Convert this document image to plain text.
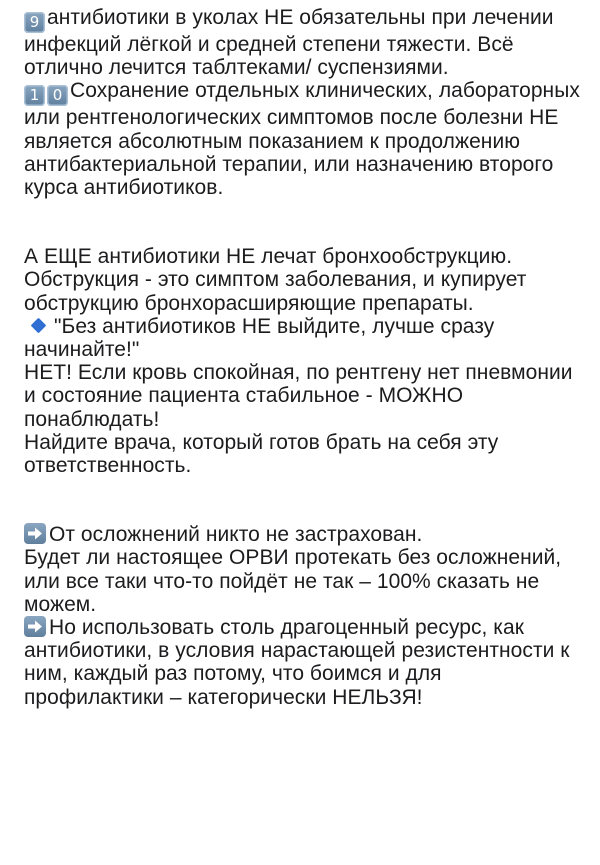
9 антибиотики в уколах НЕ обязательны при лечении инфекций лёгкой и средней степени тяжести. Всё отлично лечится таблтеками/ суспензиями.

1 0 Сохранение отдельных клинических, лабораторных или рентгенологических симптомов после болезни НЕ является абсолютным показанием к продолжению антибактериальной терапии, или назначению второго курса антибиотиков.

А ЕЩЕ антибиотики НЕ лечат бронхообструкцию. Обструкция - это симптом заболевания, и купирует обструкцию бронхорасширяющие препараты.

"Без антибиотиков НЕ выйдите, лучше сразу начинайте!"

НЕТ! Если кровь спокойная, по рентгену нет пневмонии и состояние пациента стабильное - МОЖНО понаблюдать!

Найдите врача, который готов брать на себя эту ответственность.

От осложнений никто не застрахован.

Будет ли настоящее ОРВИ протекать без осложнений, или все таки что-то пойдёт не так – 100% сказать не можем.

Но использовать столь драгоценный ресурс, как антибиотики, в условия нарастающей резистентности к ним, каждый раз потому, что боимся и для профилактики – категорически НЕЛЬЗЯ!
